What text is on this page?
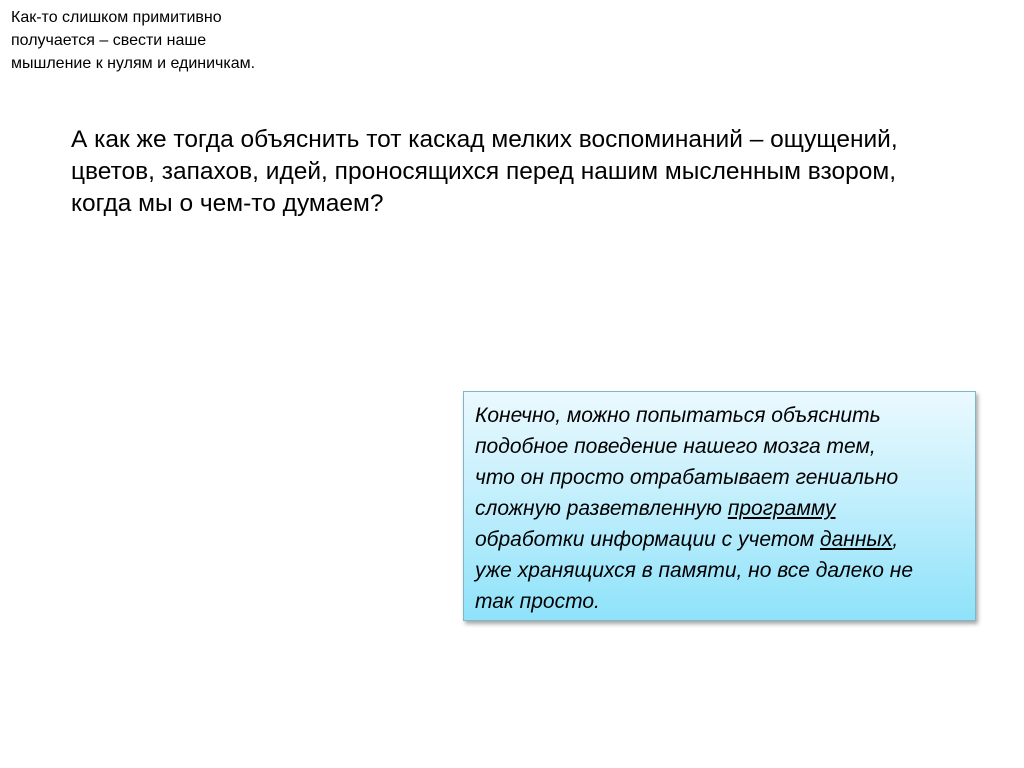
Как-то слишком примитивно
получается – свести наше
мышление к нулям и единичкам.
А как же тогда объяснить тот каскад мелких воспоминаний – ощущений,
цветов, запахов, идей, проносящихся перед нашим мысленным взором,
когда мы о чем-то думаем?
Конечно, можно попытаться объяснить
подобное поведение нашего мозга тем,
что он просто отрабатывает гениально
сложную разветвленную программу
обработки информации с учетом данных,
уже хранящихся в памяти, но все далеко не
так просто.
